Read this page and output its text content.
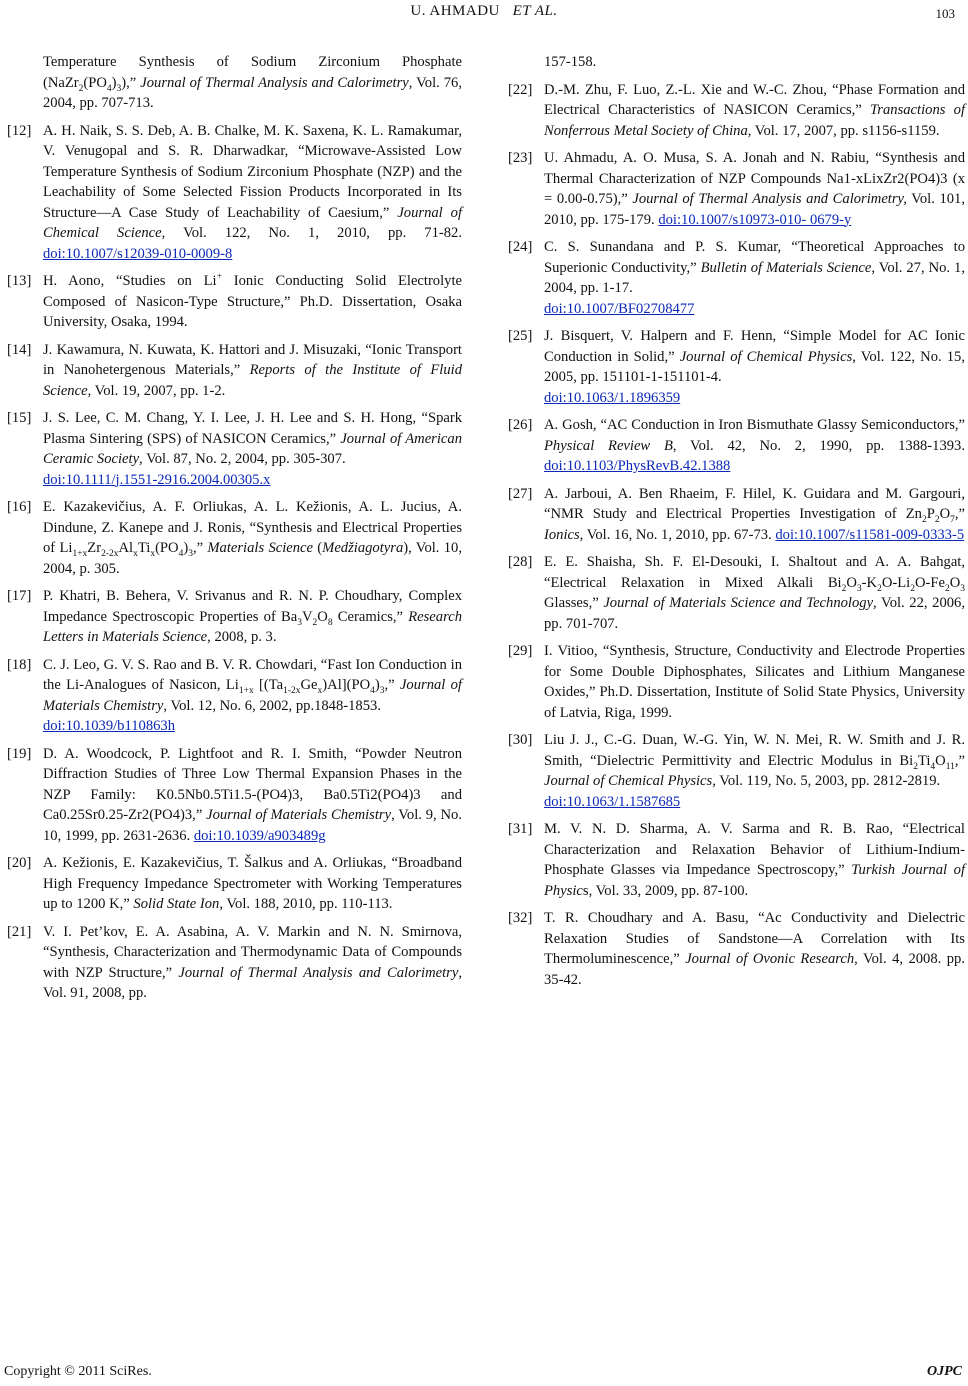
U. AHMADU ET AL.	103
Temperature Synthesis of Sodium Zirconium Phosphate $(NaZr_2(PO_4)_3)$,” Journal of Thermal Analysis and Calorimetry, Vol. 76, 2004, pp. 707-713.
[12] A. H. Naik, S. S. Deb, A. B. Chalke, M. K. Saxena, K. L. Ramakumar, V. Venugopal and S. R. Dharwadkar, “Microwave-Assisted Low Temperature Synthesis of Sodium Zirconium Phosphate (NZP) and the Leachability of Some Selected Fission Products Incorporated in Its Structure―A Case Study of Leachability of Caesium,” Journal of Chemical Science, Vol. 122, No. 1, 2010, pp. 71-82. doi:10.1007/s12039-010-0009-8
[13] H. Aono, “Studies on Li+ Ionic Conducting Solid Electrolyte Composed of Nasicon-Type Structure,” Ph.D. Dissertation, Osaka University, Osaka, 1994.
[14] J. Kawamura, N. Kuwata, K. Hattori and J. Misuzaki, “Ionic Transport in Nanohetergenous Materials,” Reports of the Institute of Fluid Science, Vol. 19, 2007, pp. 1-2.
[15] J. S. Lee, C. M. Chang, Y. I. Lee, J. H. Lee and S. H. Hong, “Spark Plasma Sintering (SPS) of NASICON Ceramics,” Journal of American Ceramic Society, Vol. 87, No. 2, 2004, pp. 305-307.
doi:10.1111/j.1551-2916.2004.00305.x
[16] E. Kazakevičius, A. F. Orliukas, A. L. Kežionis, A. L. Jucius, A. Dindune, Z. Kanepe and J. Ronis, “Synthesis and Electrical Properties of $Li_{1+x}Zr_{2-2x}Al_xTi_x(PO_4)_3$,” Materials Science (Medžiagotyra), Vol. 10, 2004, p. 305.
[17] P. Khatri, B. Behera, V. Srivanus and R. N. P. Choudhary, Complex Impedance Spectroscopic Properties of $Ba_3V_2O_8$ Ceramics,” Research Letters in Materials Science, 2008, p. 3.
[18] C. J. Leo, G. V. S. Rao and B. V. R. Chowdari, “Fast Ion Conduction in the Li-Analogues of Nasicon, $Li_{1+x}$ $[(Ta_{1-2x}Ge_x)Al](PO_4)_3$,” Journal of Materials Chemistry, Vol. 12, No. 6, 2002, pp.1848-1853.
doi:10.1039/b110863h
[19] D. A. Woodcock, P. Lightfoot and R. I. Smith, “Powder Neutron Diffraction Studies of Three Low Thermal Expansion Phases in the NZP Family: K0.5Nb0.5Ti1.5-(PO4)3, Ba0.5Ti2(PO4)3 and Ca0.25Sr0.25-Zr2(PO4)3,” Journal of Materials Chemistry, Vol. 9, No. 10, 1999, pp. 2631-2636. doi:10.1039/a903489g
[20] A. Kežionis, E. Kazakevičius, T. Šalkus and A. Orliukas, “Broadband High Frequency Impedance Spectrometer with Working Temperatures up to 1200 K,” Solid State Ion, Vol. 188, 2010, pp. 110-113.
[21] V. I. Pet’kov, E. A. Asabina, A. V. Markin and N. N. Smirnova, “Synthesis, Characterization and Thermodynamic Data of Compounds with NZP Structure,” Journal of Thermal Analysis and Calorimetry, Vol. 91, 2008, pp.
157-158.
[22] D.-M. Zhu, F. Luo, Z.-L. Xie and W.-C. Zhou, “Phase Formation and Electrical Characteristics of NASICON Ceramics,” Transactions of Nonferrous Metal Society of China, Vol. 17, 2007, pp. s1156-s1159.
[23] U. Ahmadu, A. O. Musa, S. A. Jonah and N. Rabiu, “Synthesis and Thermal Characterization of NZP Compounds Na1-xLixZr2(PO4)3 (x = 0.00-0.75),” Journal of Thermal Analysis and Calorimetry, Vol. 101, 2010, pp. 175-179. doi:10.1007/s10973-010- 0679-y
[24] C. S. Sunandana and P. S. Kumar, “Theoretical Approaches to Superionic Conductivity,” Bulletin of Materials Science, Vol. 27, No. 1, 2004, pp. 1-17.
doi:10.1007/BF02708477
[25] J. Bisquert, V. Halpern and F. Henn, “Simple Model for AC Ionic Conduction in Solid,” Journal of Chemical Physics, Vol. 122, No. 15, 2005, pp. 151101-1-151101-4.
doi:10.1063/1.1896359
[26] A. Gosh, “AC Conduction in Iron Bismuthate Glassy Semiconductors,” Physical Review B, Vol. 42, No. 2, 1990, pp. 1388-1393. doi:10.1103/PhysRevB.42.1388
[27] A. Jarboui, A. Ben Rhaeim, F. Hilel, K. Guidara and M. Gargouri, “NMR Study and Electrical Properties Investigation of $Zn_2P_2O_7$,” Ionics, Vol. 16, No. 1, 2010, pp. 67-73. doi:10.1007/s11581-009-0333-5
[28] E. E. Shaisha, Sh. F. El-Desouki, I. Shaltout and A. A. Bahgat, “Electrical Relaxation in Mixed Alkali $Bi_2O_3-K_2O-Li_2O-Fe_2O_3$ Glasses,” Journal of Materials Science and Technology, Vol. 22, 2006, pp. 701-707.
[29] I. Vitioo, “Synthesis, Structure, Conductivity and Electrode Properties for Some Double Diphosphates, Silicates and Lithium Manganese Oxides,” Ph.D. Dissertation, Institute of Solid State Physics, University of Latvia, Riga, 1999.
[30] Liu J. J., C.-G. Duan, W.-G. Yin, W. N. Mei, R. W. Smith and J. R. Smith, “Dielectric Permittivity and Electric Modulus in $Bi_2Ti_4O_{11}$,” Journal of Chemical Physics, Vol. 119, No. 5, 2003, pp. 2812-2819.
doi:10.1063/1.1587685
[31] M. V. N. D. Sharma, A. V. Sarma and R. B. Rao, “Electrical Characterization and Relaxation Behavior of Lithium-Indium-Phosphate Glasses via Impedance Spectroscopy,” Turkish Journal of Physics, Vol. 33, 2009, pp. 87-100.
[32] T. R. Choudhary and A. Basu, “Ac Conductivity and Dielectric Relaxation Studies of Sandstone―A Correlation with Its Thermoluminescence,” Journal of Ovonic Research, Vol. 4, 2008. pp. 35-42.
Copyright © 2011 SciRes.	OJPC
